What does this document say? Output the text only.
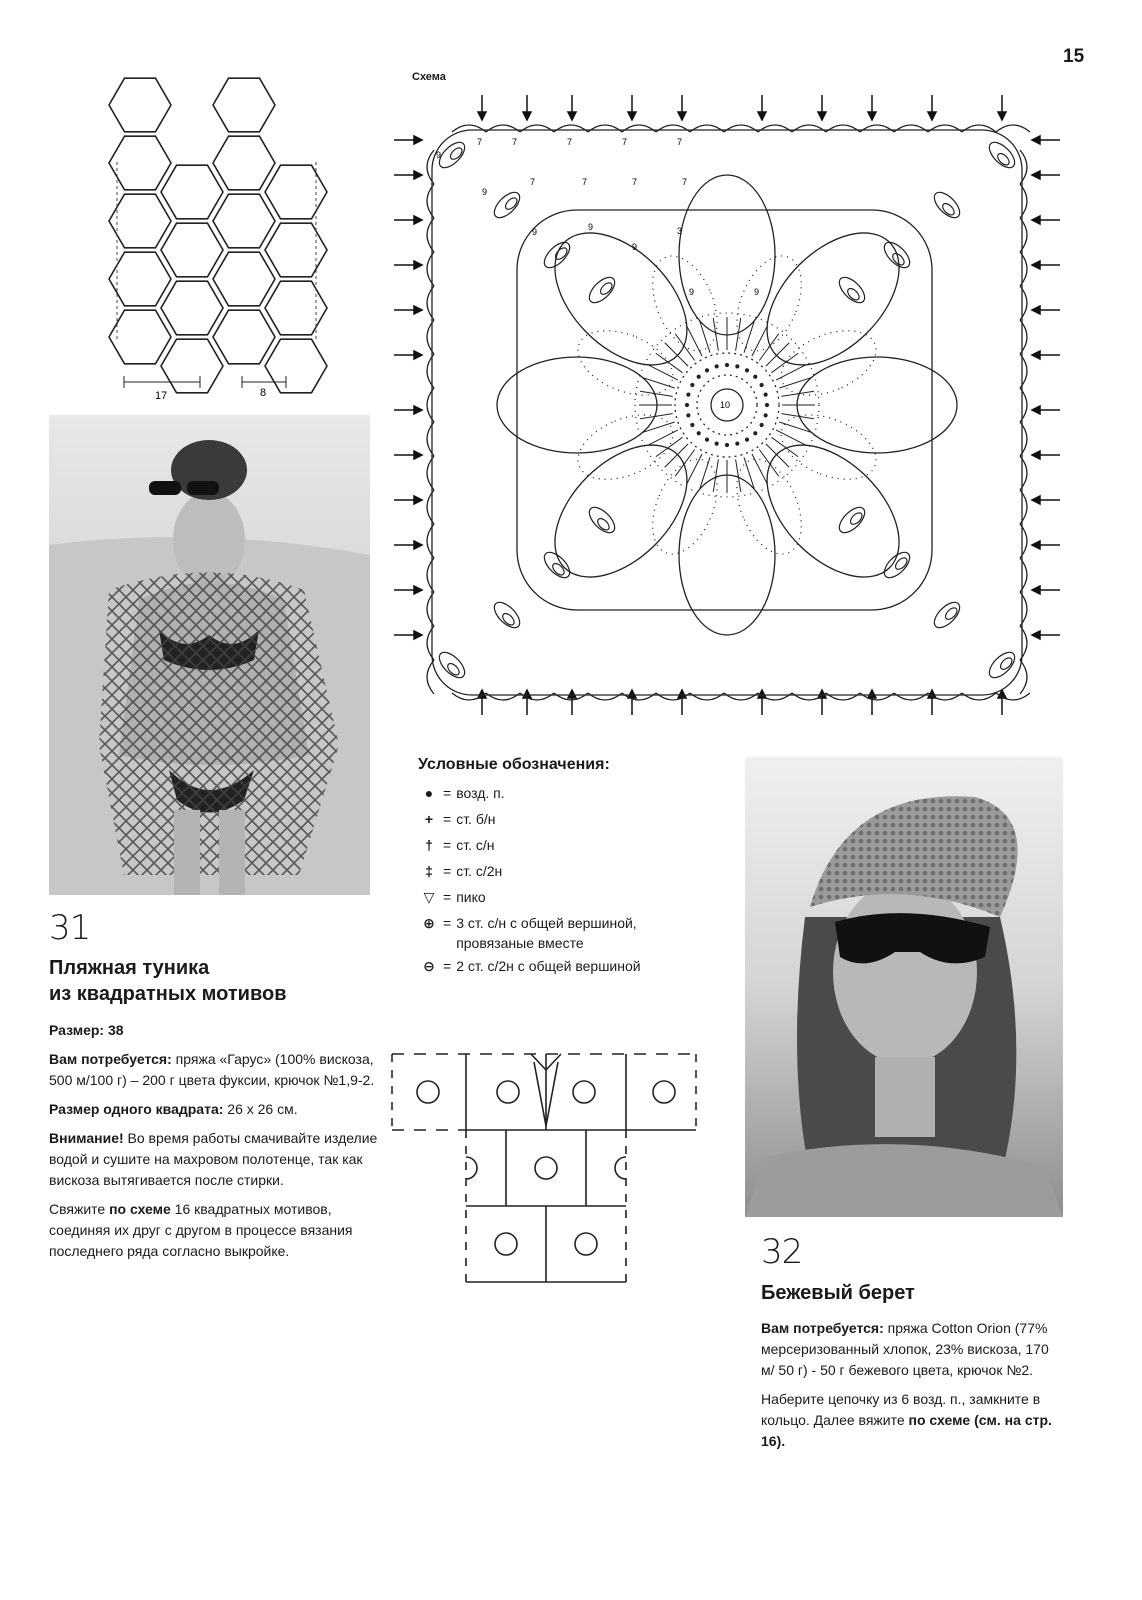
15
17	8
Схема
10
9	9
9
9
9
9
9
3
7	7	7	7	7
7	7	7	7
Условные обозначения:
● = возд. п.
+ = ст. б/н
† = ст. с/н
‡ = ст. с/2н
▽ = пико
⊕ = 3 ст. с/н с общей вершиной,
провязаные вместе
⊖ = 2 ст. с/2н с общей вершиной
31
Пляжная туника
из квадратных мотивов

Размер: 38

Вам потребуется: пряжа «Гарус» (100% вискоза, 500 м/100 г) – 200 г цвета фуксии, крючок №1,9-2.

Размер одного квадрата: 26 х 26 см.

Внимание! Во время работы смачивайте изделие водой и сушите на махровом полотенце, так как вискоза вытягивается после стирки.

Свяжите по схеме 16 квадратных мотивов, соединяя их друг с другом в процессе вязания последнего ряда согласно выкройке.	32
Бежевый берет

Вам потребуется: пряжа Cotton Orion (77% мерсеризованный хлопок, 23% вискоза, 170 м/ 50 г) - 50 г бежевого цвета, крючок №2.

Наберите цепочку из 6 возд. п., замкните в кольцо. Далее вяжите по схеме (см. на стр. 16).
